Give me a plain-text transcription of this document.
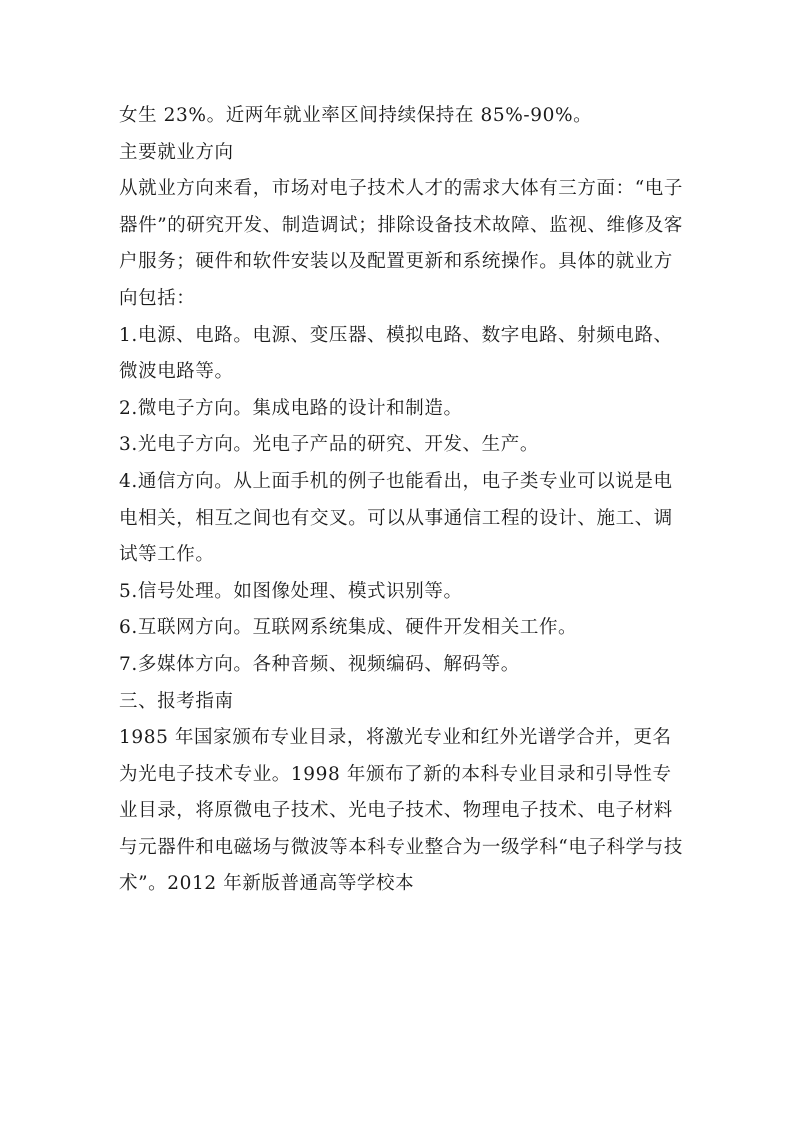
女生 23%。近两年就业率区间持续保持在 85%-90%。

主要就业方向

从就业方向来看，市场对电子技术人才的需求大体有三方面：“电子器件”的研究开发、制造调试；排除设备技术故障、监视、维修及客户服务；硬件和软件安装以及配置更新和系统操作。具体的就业方向包括：

1.电源、电路。电源、变压器、模拟电路、数字电路、射频电路、微波电路等。

2.微电子方向。集成电路的设计和制造。

3.光电子方向。光电子产品的研究、开发、生产。

4.通信方向。从上面手机的例子也能看出，电子类专业可以说是电电相关，相互之间也有交叉。可以从事通信工程的设计、施工、调试等工作。

5.信号处理。如图像处理、模式识别等。

6.互联网方向。互联网系统集成、硬件开发相关工作。

7.多媒体方向。各种音频、视频编码、解码等。

三、报考指南

1985 年国家颁布专业目录，将激光专业和红外光谱学合并，更名为光电子技术专业。1998 年颁布了新的本科专业目录和引导性专业目录，将原微电子技术、光电子技术、物理电子技术、电子材料与元器件和电磁场与微波等本科专业整合为一级学科“电子科学与技术”。2012 年新版普通高等学校本
